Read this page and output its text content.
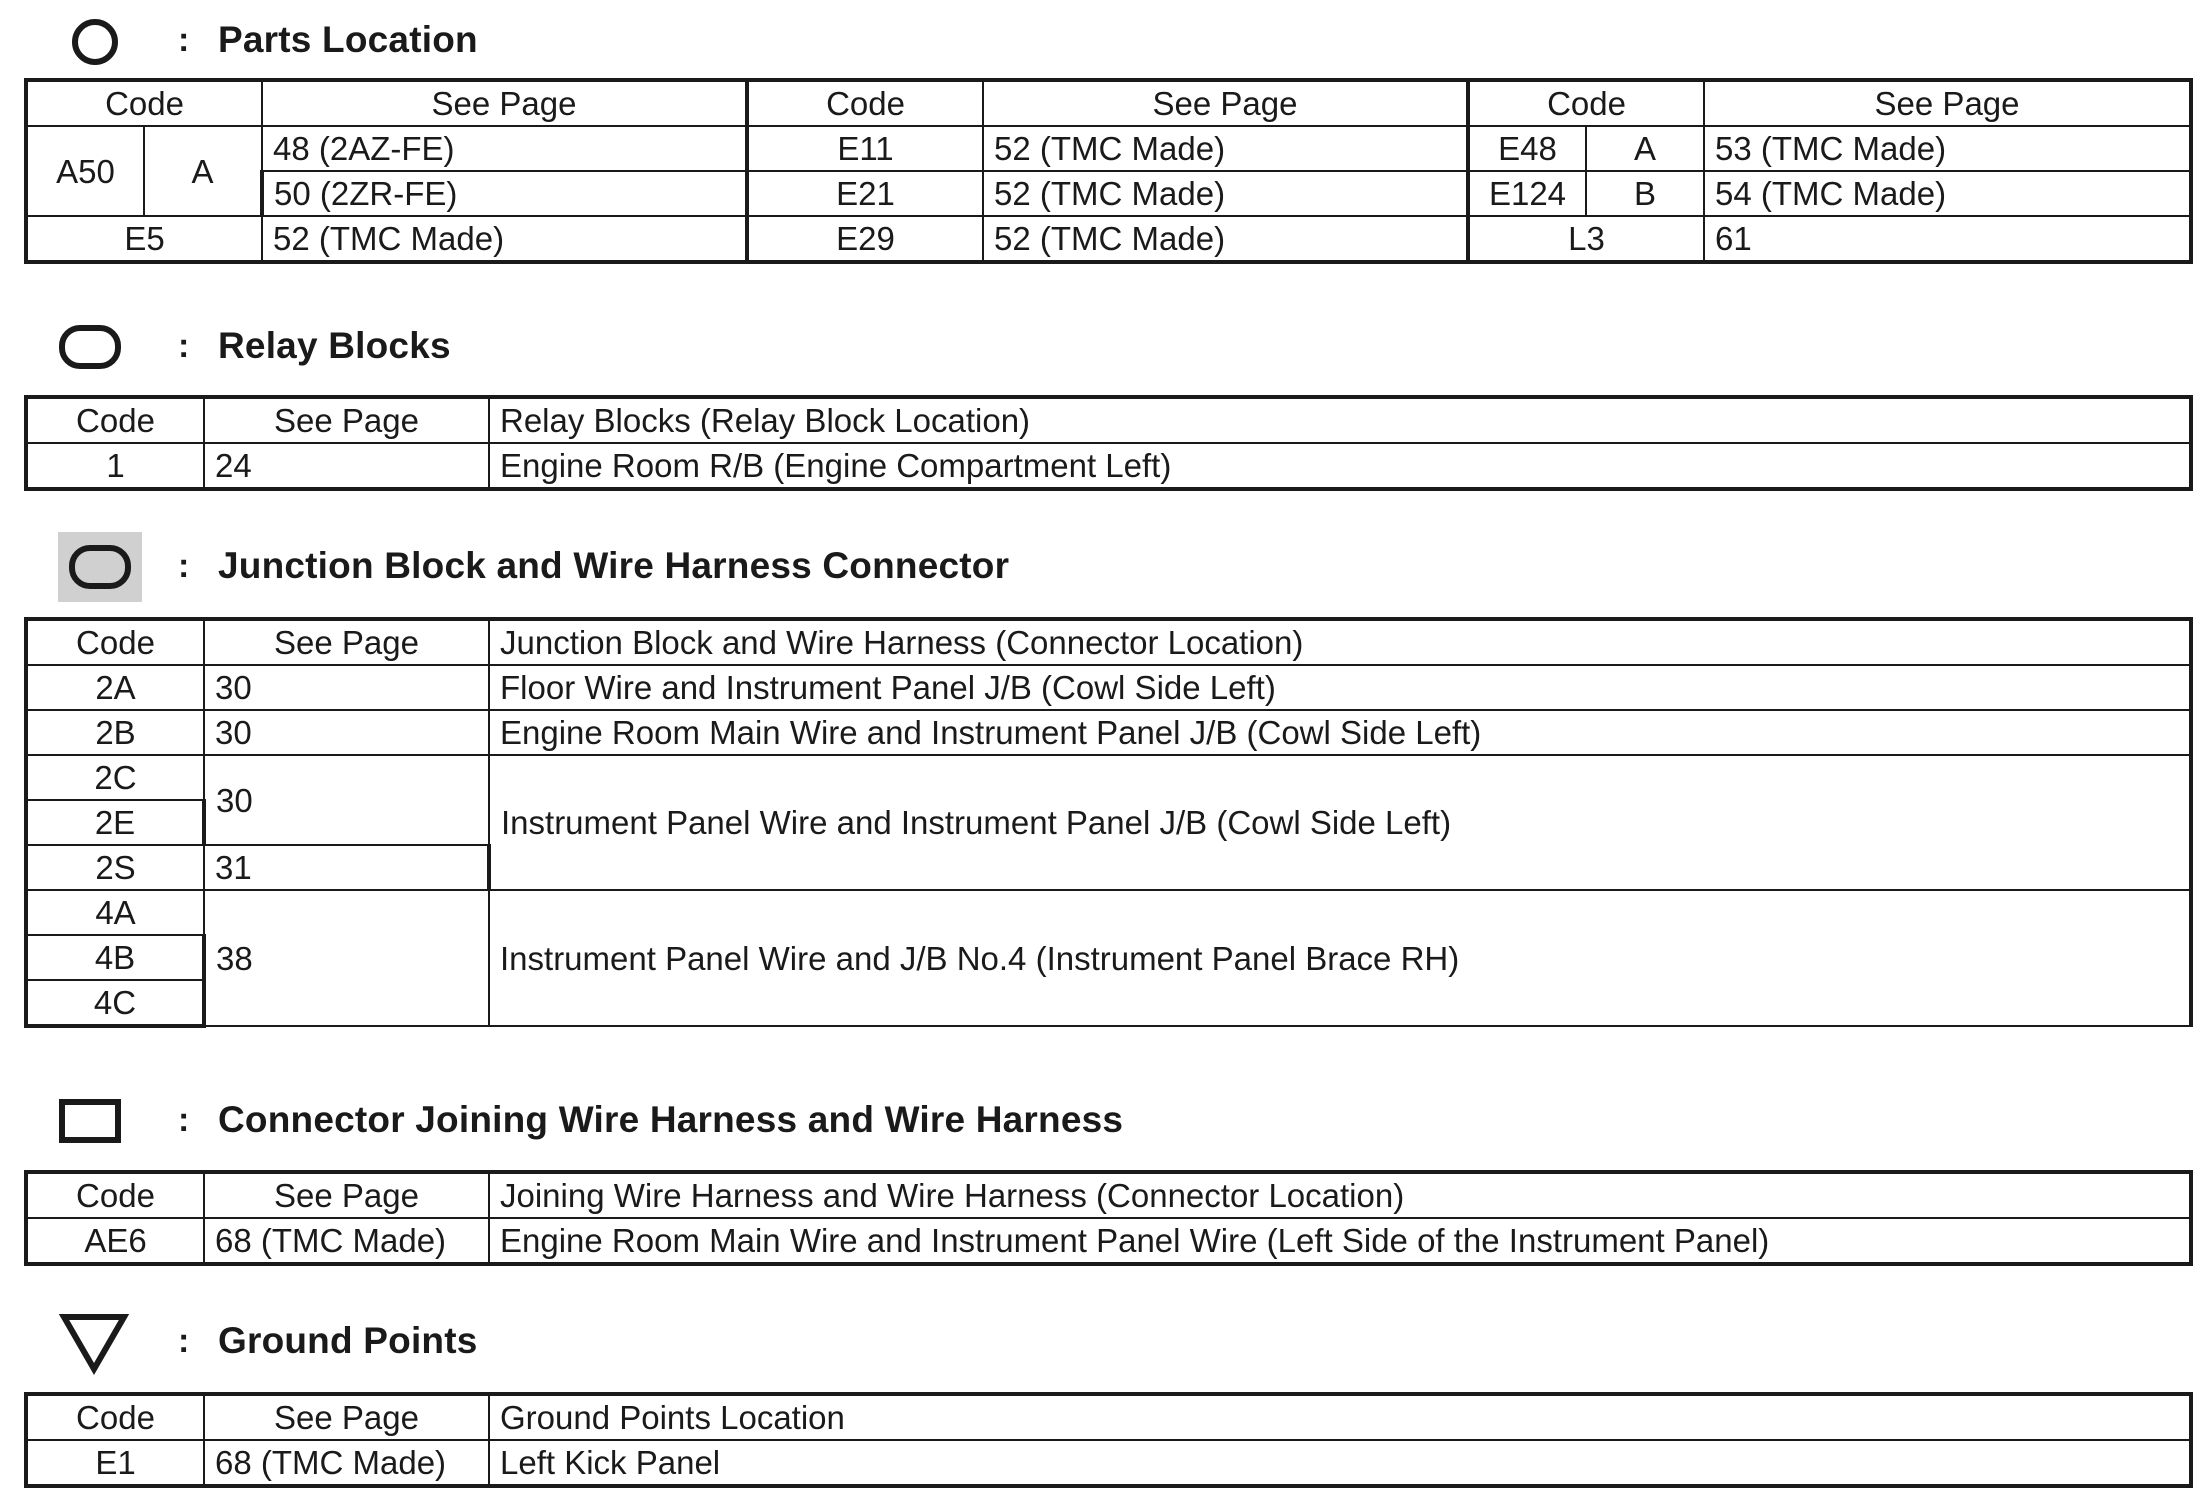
: Parts Location
Code		See Page	Code	See Page	Code		See Page
A50	A	48 (2AZ-FE)	E11	52 (TMC Made)	E48	A	53 (TMC Made)
		50 (2ZR-FE)	E21	52 (TMC Made)	E124	B	54 (TMC Made)
E5		52 (TMC Made)	E29	52 (TMC Made)	L3		61
: Relay Blocks
Code	See Page	Relay Blocks (Relay Block Location)
1	24	Engine Room R/B (Engine Compartment Left)
: Junction Block and Wire Harness Connector
Code	See Page	Junction Block and Wire Harness (Connector Location)
2A	30	Floor Wire and Instrument Panel J/B (Cowl Side Left)
2B	30	Engine Room Main Wire and Instrument Panel J/B (Cowl Side Left)
2C	30	Instrument Panel Wire and Instrument Panel J/B (Cowl Side Left)
2E		
2S	31	
4A	38	Instrument Panel Wire and J/B No.4 (Instrument Panel Brace RH)
4B		
4C		
: Connector Joining Wire Harness and Wire Harness
Code	See Page	Joining Wire Harness and Wire Harness (Connector Location)
AE6	68 (TMC Made)	Engine Room Main Wire and Instrument Panel Wire (Left Side of the Instrument Panel)
: Ground Points
Code	See Page	Ground Points Location
E1	68 (TMC Made)	Left Kick Panel
